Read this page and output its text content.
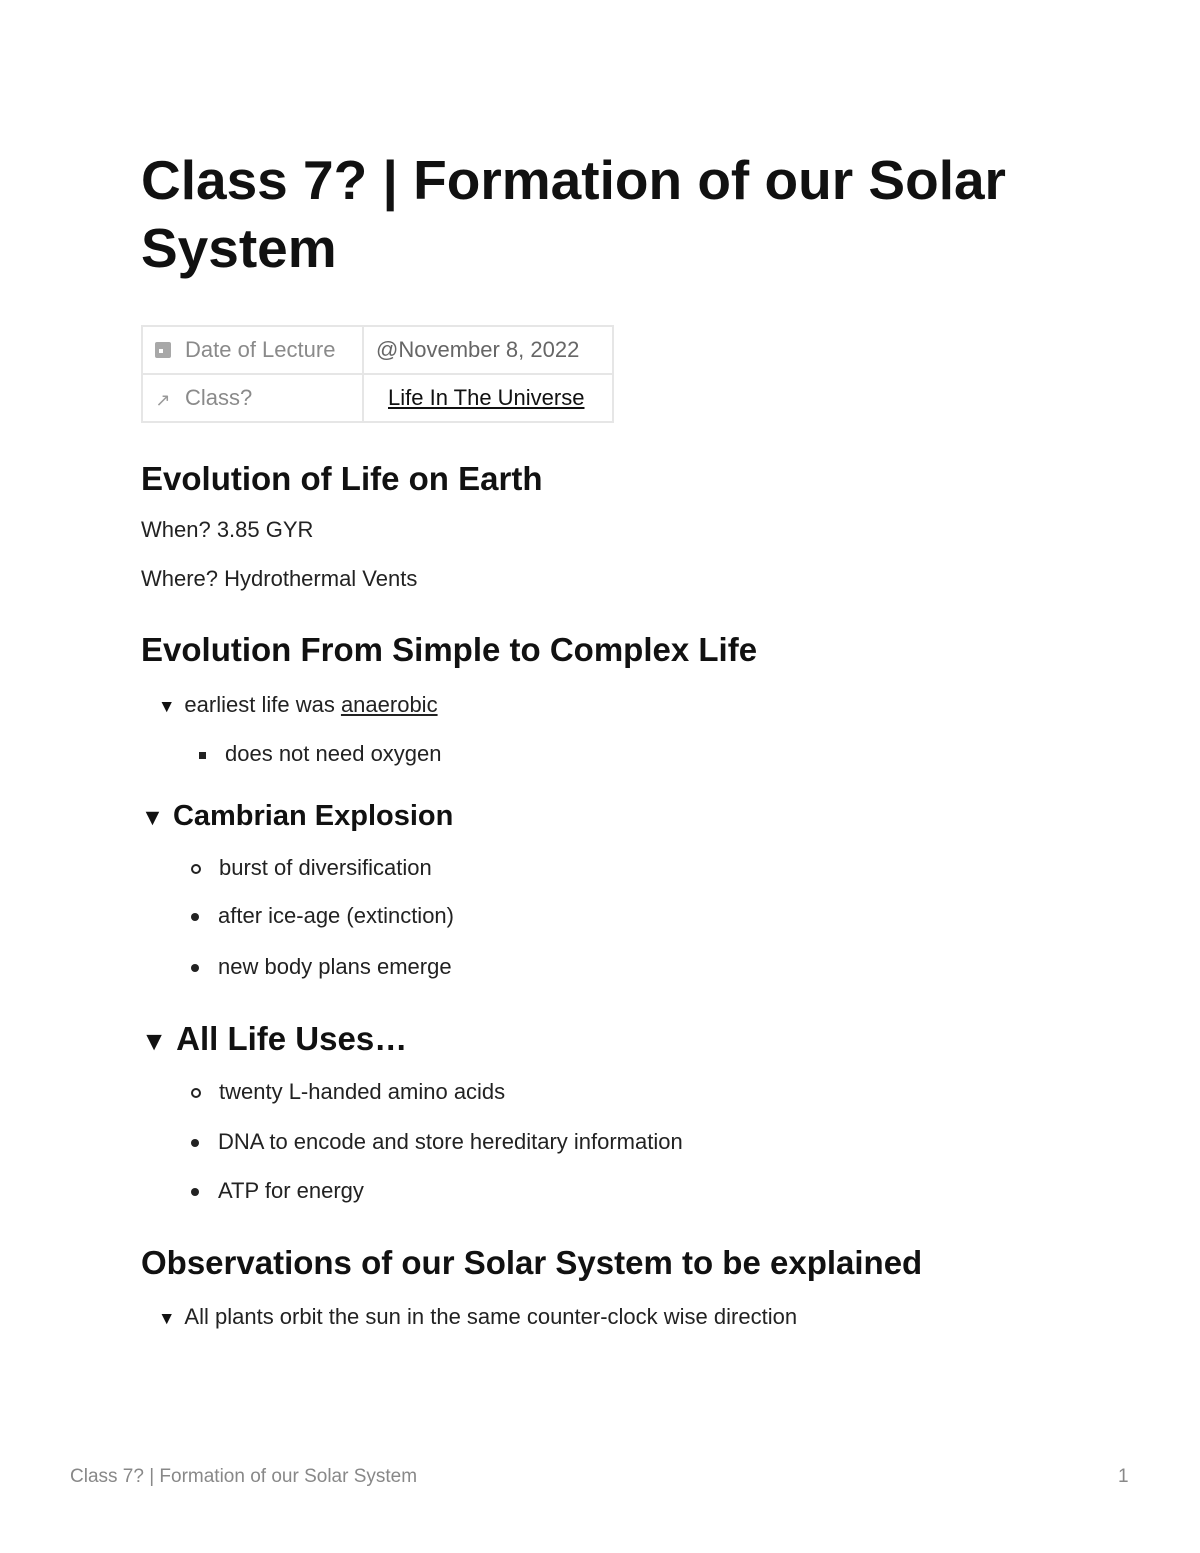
Class 7? | Formation of our Solar System
Date of Lecture	@November 8, 2022
↗ Class?	Life In The Universe
Evolution of Life on Earth
When? 3.85 GYR
Where? Hydrothermal Vents
Evolution From Simple to Complex Life
▼ earliest life was anaerobic
does not need oxygen
▼ Cambrian Explosion
burst of diversification
after ice-age (extinction)
new body plans emerge
▼ All Life Uses…
twenty L-handed amino acids
DNA to encode and store hereditary information
ATP for energy
Observations of our Solar System to be explained
▼ All plants orbit the sun in the same counter-clock wise direction
Class 7? | Formation of our Solar System	1
